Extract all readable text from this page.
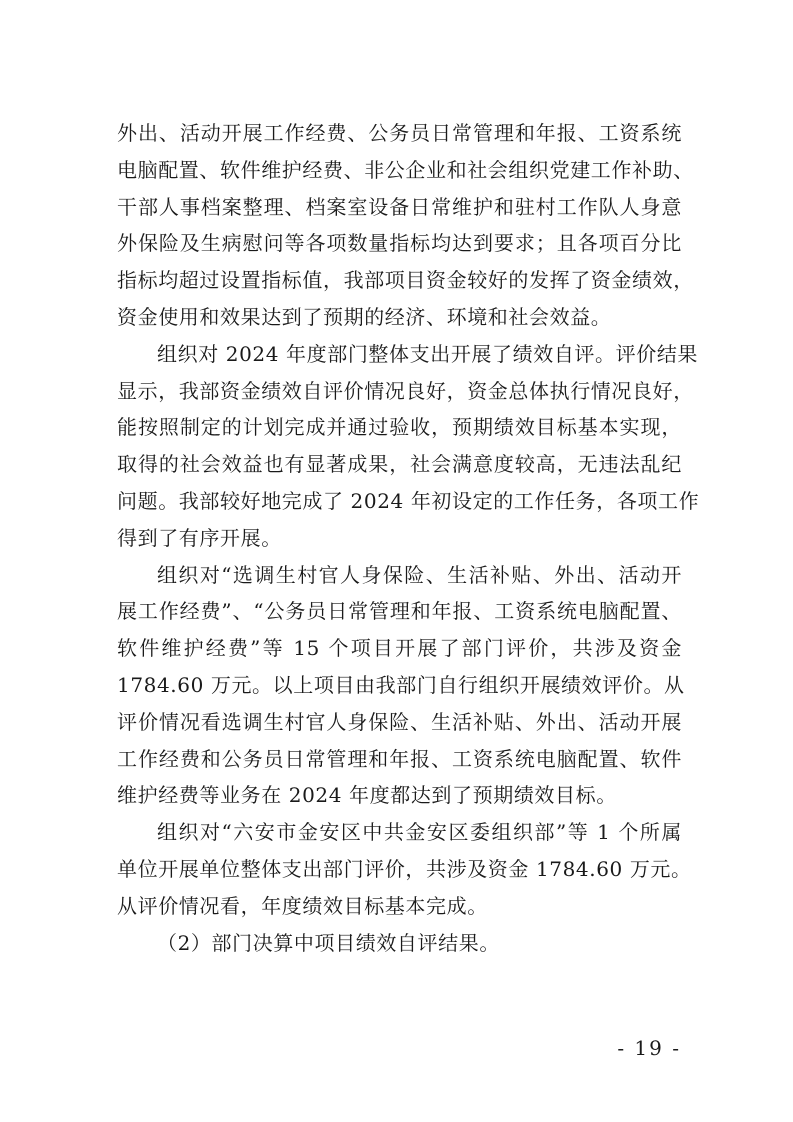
外出、活动开展工作经费、公务员日常管理和年报、工资系统
电脑配置、软件维护经费、非公企业和社会组织党建工作补助、
干部人事档案整理、档案室设备日常维护和驻村工作队人身意
外保险及生病慰问等各项数量指标均达到要求；且各项百分比
指标均超过设置指标值，我部项目资金较好的发挥了资金绩效，
资金使用和效果达到了预期的经济、环境和社会效益。
组织对 2024 年度部门整体支出开展了绩效自评。评价结果
显示，我部资金绩效自评价情况良好，资金总体执行情况良好，
能按照制定的计划完成并通过验收，预期绩效目标基本实现，
取得的社会效益也有显著成果，社会满意度较高，无违法乱纪
问题。我部较好地完成了 2024 年初设定的工作任务，各项工作
得到了有序开展。
组织对“选调生村官人身保险、生活补贴、外出、活动开
展工作经费”、“公务员日常管理和年报、工资系统电脑配置、
软件维护经费”等 15 个项目开展了部门评价，共涉及资金
1784.60 万元。以上项目由我部门自行组织开展绩效评价。从
评价情况看选调生村官人身保险、生活补贴、外出、活动开展
工作经费和公务员日常管理和年报、工资系统电脑配置、软件
维护经费等业务在 2024 年度都达到了预期绩效目标。
组织对“六安市金安区中共金安区委组织部”等 1 个所属
单位开展单位整体支出部门评价，共涉及资金 1784.60 万元。
从评价情况看，年度绩效目标基本完成。
（2）部门决算中项目绩效自评结果。
- 19 -
